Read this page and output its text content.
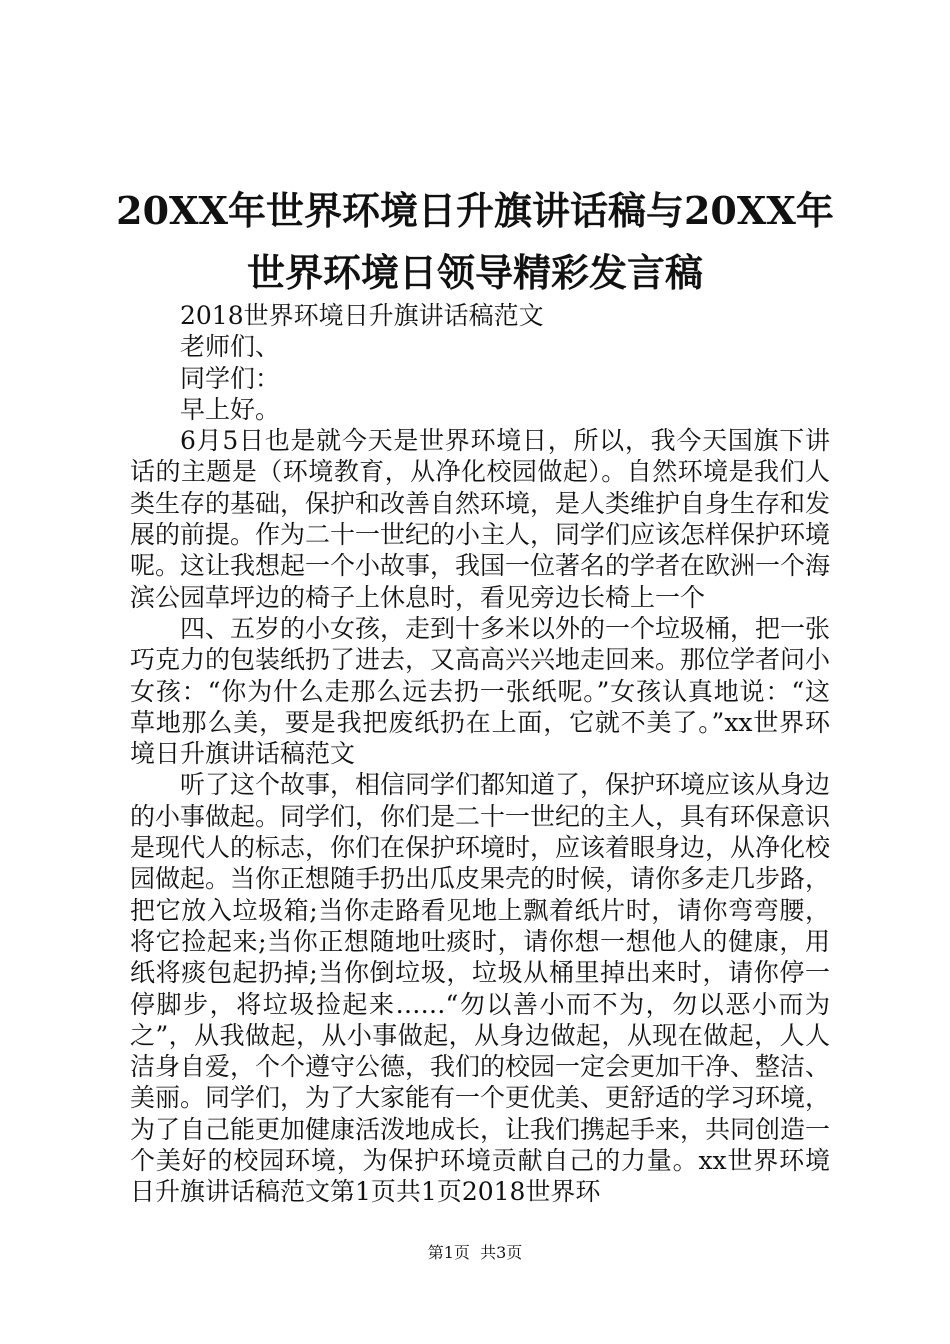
20XX年世界环境日升旗讲话稿与20XX年世界环境日领导精彩发言稿

2018世界环境日升旗讲话稿范文

老师们、

同学们：

早上好。

6月5日也是就今天是世界环境日，所以，我今天国旗下讲话的主题是（环境教育，从净化校园做起）。自然环境是我们人类生存的基础，保护和改善自然环境，是人类维护自身生存和发展的前提。作为二十一世纪的小主人，同学们应该怎样保护环境呢。这让我想起一个小故事，我国一位著名的学者在欧洲一个海滨公园草坪边的椅子上休息时，看见旁边长椅上一个

四、五岁的小女孩，走到十多米以外的一个垃圾桶，把一张巧克力的包装纸扔了进去，又高高兴兴地走回来。那位学者问小女孩：“你为什么走那么远去扔一张纸呢。”女孩认真地说：“这草地那么美，要是我把废纸扔在上面，它就不美了。”xx世界环境日升旗讲话稿范文

听了这个故事，相信同学们都知道了，保护环境应该从身边的小事做起。同学们，你们是二十一世纪的主人，具有环保意识是现代人的标志，你们在保护环境时，应该着眼身边，从净化校园做起。当你正想随手扔出瓜皮果壳的时候，请你多走几步路，把它放入垃圾箱;当你走路看见地上飘着纸片时，请你弯弯腰，将它捡起来;当你正想随地吐痰时，请你想一想他人的健康，用纸将痰包起扔掉;当你倒垃圾，垃圾从桶里掉出来时，请你停一停脚步，将垃圾捡起来……“勿以善小而不为，勿以恶小而为之”，从我做起，从小事做起，从身边做起，从现在做起，人人洁身自爱，个个遵守公德，我们的校园一定会更加干净、整洁、美丽。同学们，为了大家能有一个更优美、更舒适的学习环境，为了自己能更加健康活泼地成长，让我们携起手来，共同创造一个美好的校园环境，为保护环境贡献自己的力量。xx世界环境日升旗讲话稿范文第1页共1页2018世界环

第1页 共3页
